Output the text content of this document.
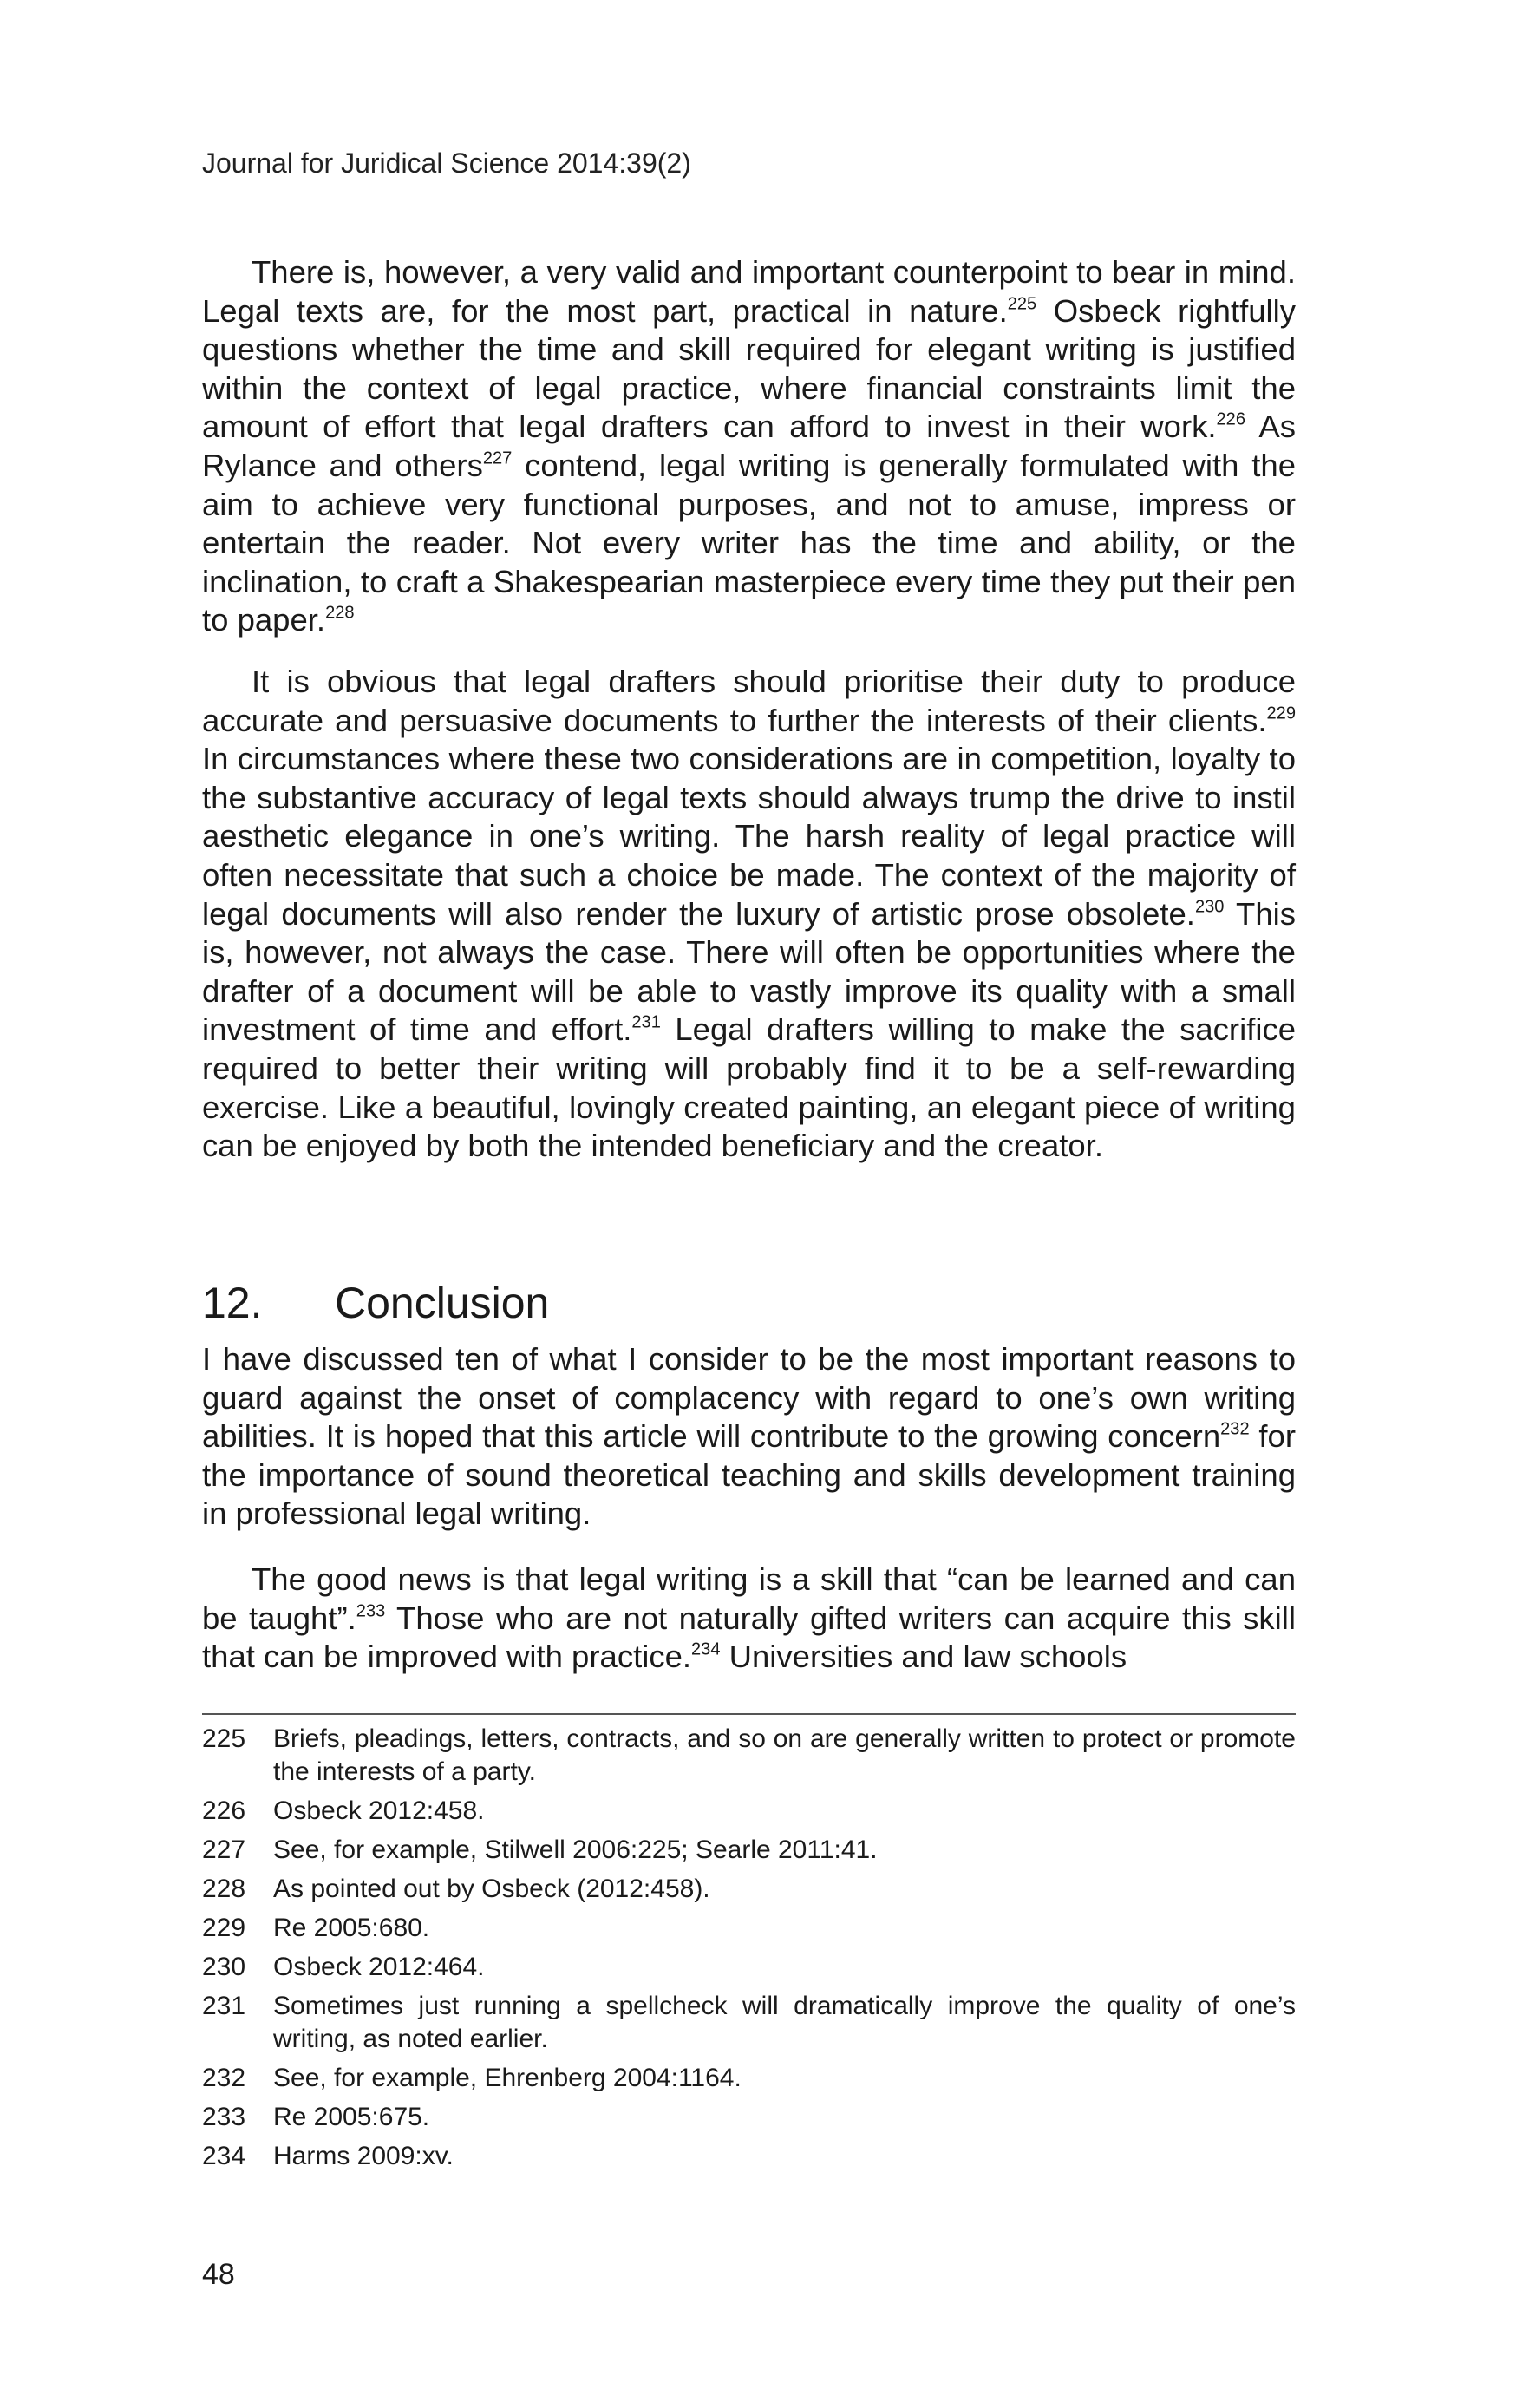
Journal for Juridical Science 2014:39(2)

There is, however, a very valid and important counterpoint to bear in mind. Legal texts are, for the most part, practical in nature.$^{225}$ Osbeck rightfully questions whether the time and skill required for elegant writing is justified within the context of legal practice, where financial constraints limit the amount of effort that legal drafters can afford to invest in their work.$^{226}$ As Rylance and others$^{227}$ contend, legal writing is generally formulated with the aim to achieve very functional purposes, and not to amuse, impress or entertain the reader. Not every writer has the time and ability, or the inclination, to craft a Shakespearian masterpiece every time they put their pen to paper.$^{228}$

It is obvious that legal drafters should prioritise their duty to produce accurate and persuasive documents to further the interests of their clients.$^{229}$ In circumstances where these two considerations are in competition, loyalty to the substantive accuracy of legal texts should always trump the drive to instil aesthetic elegance in one’s writing. The harsh reality of legal practice will often necessitate that such a choice be made. The context of the majority of legal documents will also render the luxury of artistic prose obsolete.$^{230}$ This is, however, not always the case. There will often be opportunities where the drafter of a document will be able to vastly improve its quality with a small investment of time and effort.$^{231}$ Legal drafters willing to make the sacrifice required to better their writing will probably find it to be a self-rewarding exercise. Like a beautiful, lovingly created painting, an elegant piece of writing can be enjoyed by both the intended beneficiary and the creator.

12. Conclusion

I have discussed ten of what I consider to be the most important reasons to guard against the onset of complacency with regard to one’s own writing abilities. It is hoped that this article will contribute to the growing concern$^{232}$ for the importance of sound theoretical teaching and skills development training in professional legal writing.

The good news is that legal writing is a skill that “can be learned and can be taught”.$^{233}$ Those who are not naturally gifted writers can acquire this skill that can be improved with practice.$^{234}$ Universities and law schools

225	Briefs, pleadings, letters, contracts, and so on are generally written to protect or promote the interests of a party.
226	Osbeck 2012:458.
227	See, for example, Stilwell 2006:225; Searle 2011:41.
228	As pointed out by Osbeck (2012:458).
229	Re 2005:680.
230	Osbeck 2012:464.
231	Sometimes just running a spellcheck will dramatically improve the quality of one’s writing, as noted earlier.
232	See, for example, Ehrenberg 2004:1164.
233	Re 2005:675.
234	Harms 2009:xv.
48
